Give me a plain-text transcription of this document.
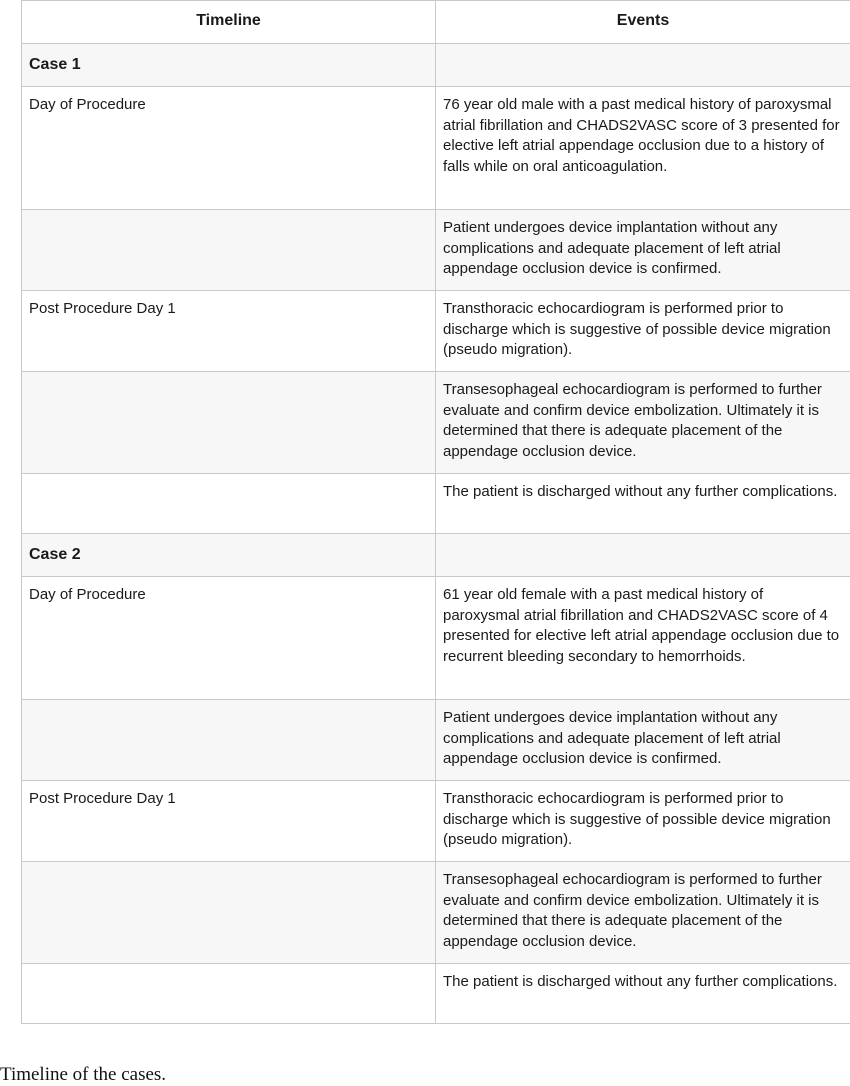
Timeline	Events
Case 1	
Day of Procedure	76 year old male with a past medical history of paroxysmal atrial fibrillation and CHADS2VASC score of 3 presented for elective left atrial appendage occlusion due to a history of falls while on oral anticoagulation.
	Patient undergoes device implantation without any complications and adequate placement of left atrial appendage occlusion device is confirmed.
Post Procedure Day 1	Transthoracic echocardiogram is performed prior to discharge which is suggestive of possible device migration (pseudo migration).
	Transesophageal echocardiogram is performed to further evaluate and confirm device embolization. Ultimately it is determined that there is adequate placement of the appendage occlusion device.
	The patient is discharged without any further complications.
Case 2	
Day of Procedure	61 year old female with a past medical history of paroxysmal atrial fibrillation and CHADS2VASC score of 4 presented for elective left atrial appendage occlusion due to recurrent bleeding secondary to hemorrhoids.
	Patient undergoes device implantation without any complications and adequate placement of left atrial appendage occlusion device is confirmed.
Post Procedure Day 1	Transthoracic echocardiogram is performed prior to discharge which is suggestive of possible device migration (pseudo migration).
	Transesophageal echocardiogram is performed to further evaluate and confirm device embolization. Ultimately it is determined that there is adequate placement of the appendage occlusion device.
	The patient is discharged without any further complications.
Timeline of the cases.
